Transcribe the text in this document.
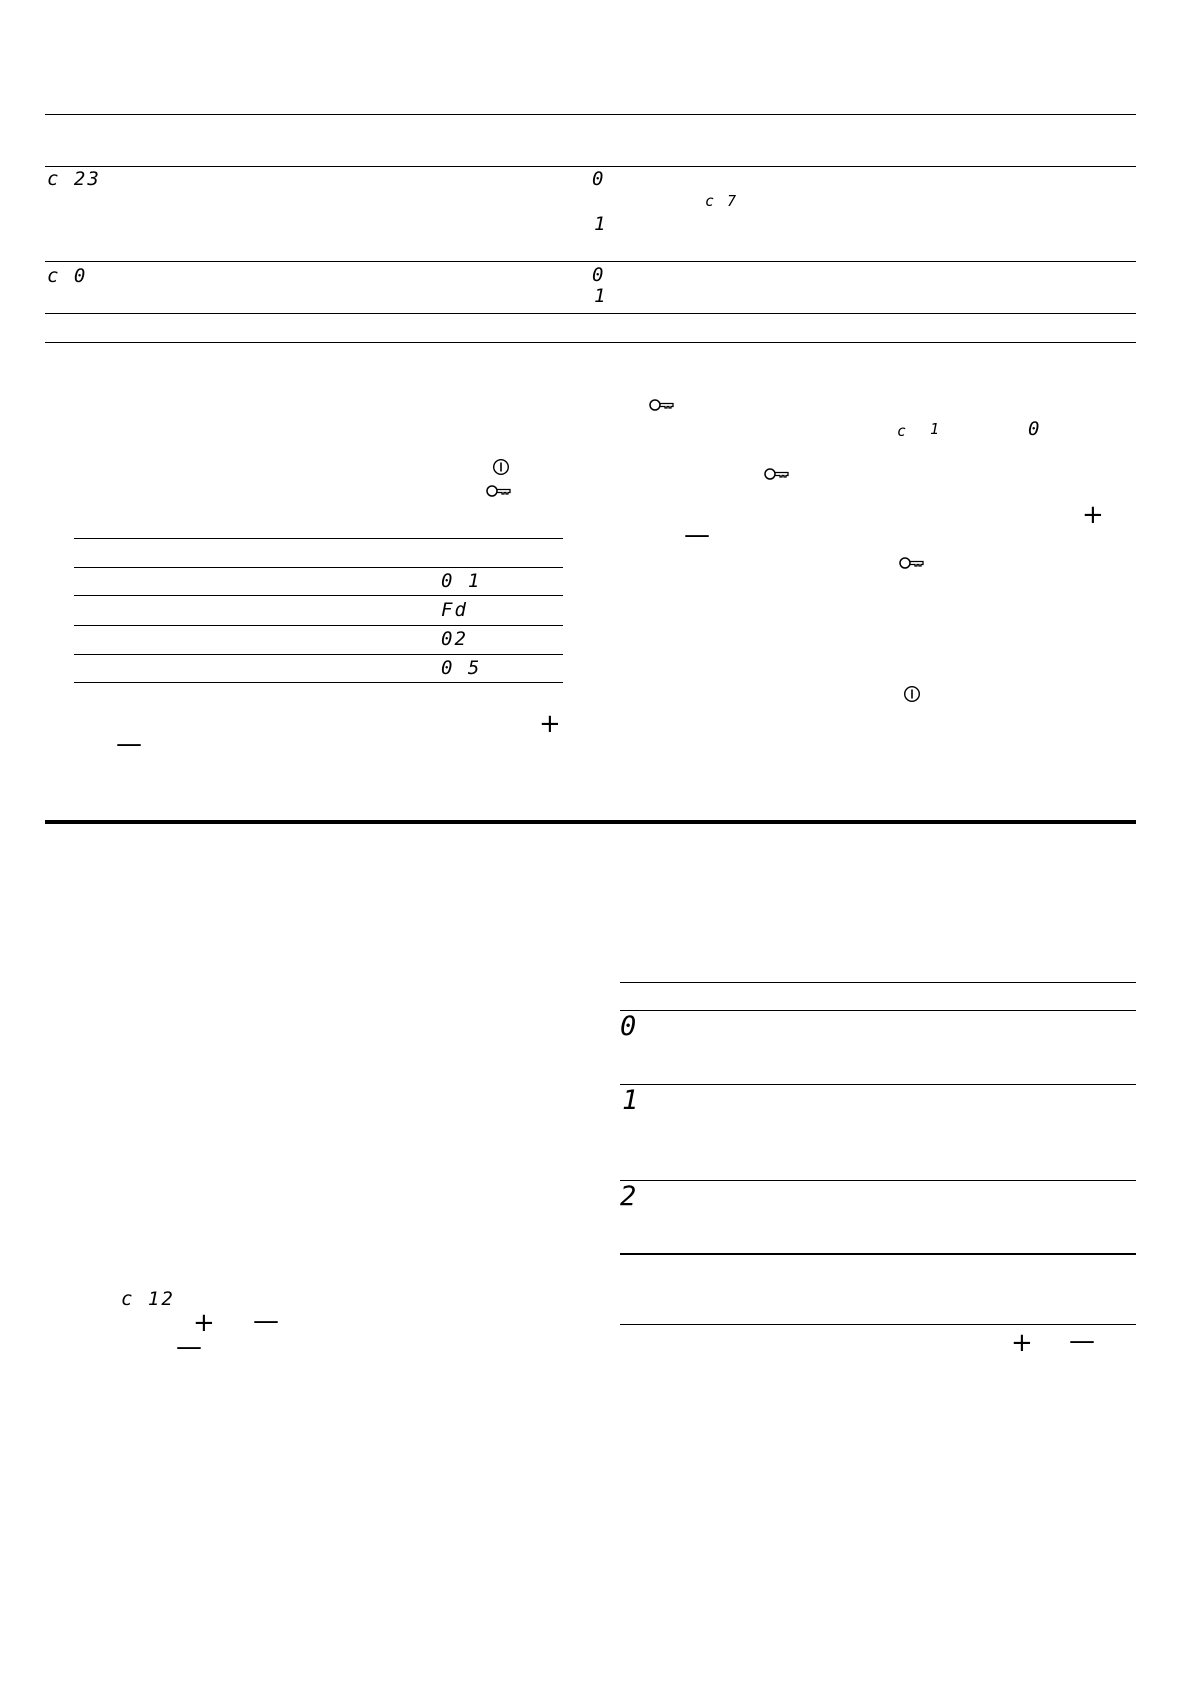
c 23	0
c 7
1
c 0	0
1
0 1
Fd
02
0 5
+
—
c 1	0
+
—
c 12
+ —
—
0
1
2
+ —
